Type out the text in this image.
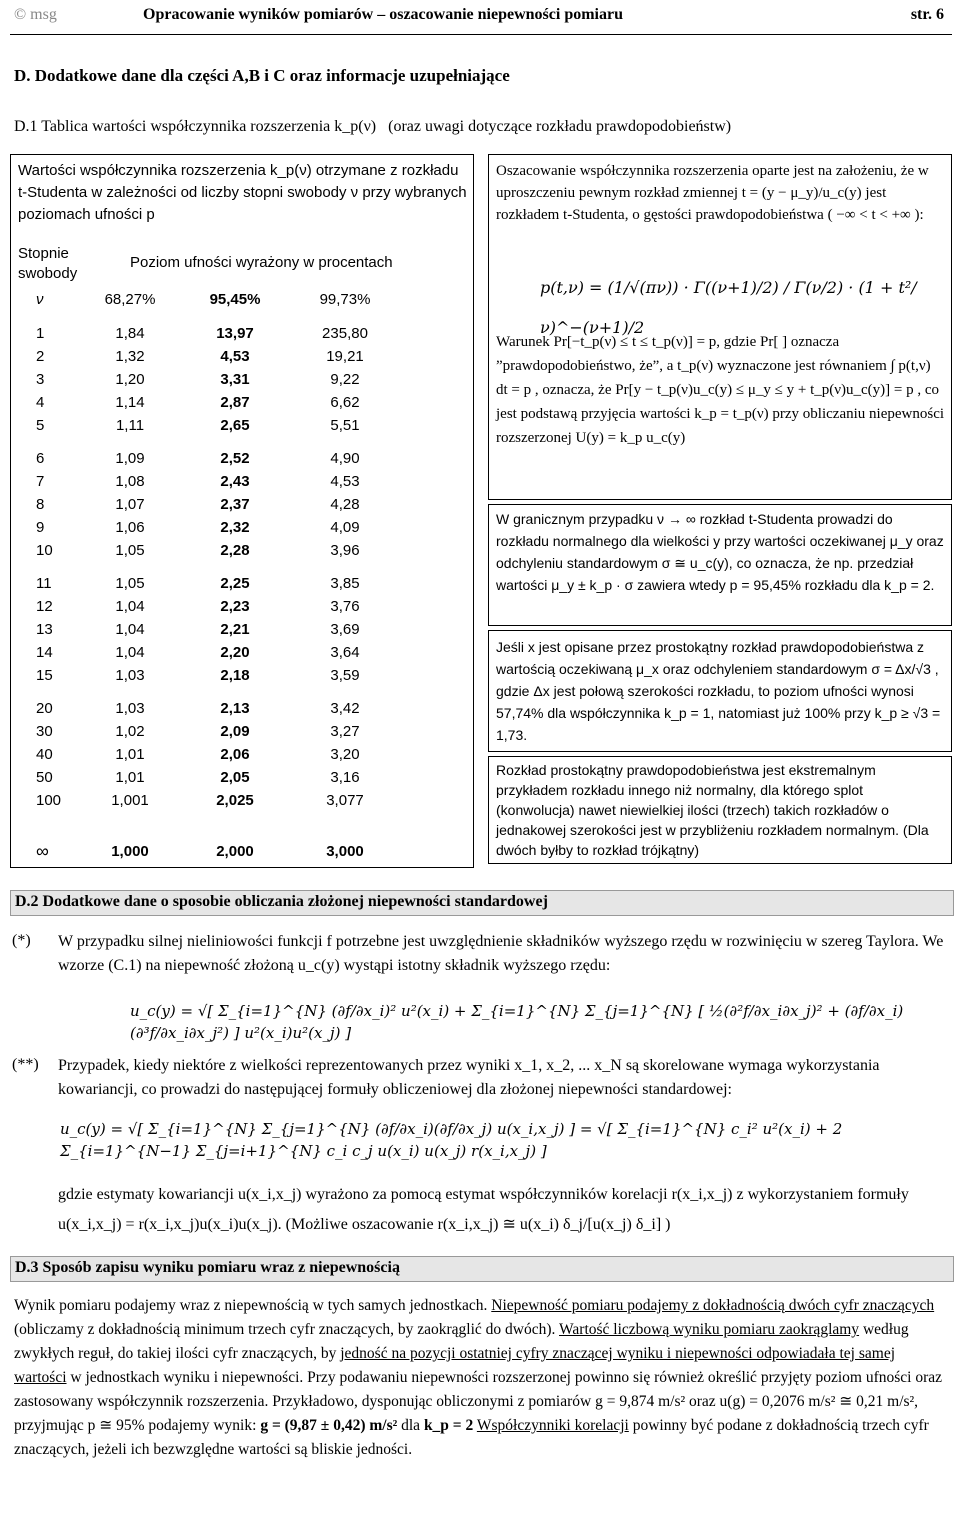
© msg	Opracowanie wyników pomiarów – oszacowanie niepewności pomiaru	str. 6
D. Dodatkowe dane dla części A,B i C oraz informacje uzupełniające
D.1 Tablica wartości współczynnika rozszerzenia k_p(ν) (oraz uwagi dotyczące rozkładu prawdopodobieństw)
Wartości współczynnika rozszerzenia k_p(ν) otrzymane z rozkładu t-Studenta w zależności od liczby stopni swobody ν przy wybranych poziomach ufności p
Stopnie swobody
Poziom ufności wyrażony w procentach
ν	68,27%	95,45%	99,73%
1	1,84	13,97	235,80
2	1,32	4,53	19,21
3	1,20	3,31	9,22
4	1,14	2,87	6,62
5	1,11	2,65	5,51

6	1,09	2,52	4,90
7	1,08	2,43	4,53
8	1,07	2,37	4,28
9	1,06	2,32	4,09
10	1,05	2,28	3,96

11	1,05	2,25	3,85
12	1,04	2,23	3,76
13	1,04	2,21	3,69
14	1,04	2,20	3,64
15	1,03	2,18	3,59

20	1,03	2,13	3,42
30	1,02	2,09	3,27
40	1,01	2,06	3,20
50	1,01	2,05	3,16
100	1,001	2,025	3,077
∞	1,000	2,000	3,000
Oszacowanie współczynnika rozszerzenia oparte jest na założeniu, że w uproszczeniu pewnym rozkład zmiennej t = (y − μ_y)/u_c(y) jest rozkładem t-Studenta, o gęstości prawdopodobieństwa ( −∞ < t < +∞ ):
p(t,ν) = (1/√(πν)) · Γ((ν+1)/2) / Γ(ν/2) · (1 + t²/ν)^−(ν+1)/2
Warunek Pr[−t_p(ν) ≤ t ≤ t_p(ν)] = p, gdzie Pr[ ] oznacza ”prawdopodobieństwo, że”, a t_p(ν) wyznaczone jest równaniem ∫ p(t,ν) dt = p , oznacza, że Pr[y − t_p(ν)u_c(y) ≤ μ_y ≤ y + t_p(ν)u_c(y)] = p , co jest podstawą przyjęcia wartości k_p = t_p(ν) przy obliczaniu niepewności rozszerzonej U(y) = k_p u_c(y)
W granicznym przypadku ν → ∞ rozkład t-Studenta prowadzi do rozkładu normalnego dla wielkości y przy wartości oczekiwanej μ_y oraz odchyleniu standardowym σ ≅ u_c(y), co oznacza, że np. przedział wartości μ_y ± k_p · σ zawiera wtedy p = 95,45% rozkładu dla k_p = 2.
Jeśli x jest opisane przez prostokątny rozkład prawdopodobieństwa z wartością oczekiwaną μ_x oraz odchyleniem standardowym σ = Δx/√3 , gdzie Δx jest połową szerokości rozkładu, to poziom ufności wynosi 57,74% dla współczynnika k_p = 1, natomiast już 100% przy k_p ≥ √3 = 1,73.
Rozkład prostokątny prawdopodobieństwa jest ekstremalnym przykładem rozkładu innego niż normalny, dla którego splot (konwolucja) nawet niewielkiej ilości (trzech) takich rozkładów o jednakowej szerokości jest w przybliżeniu rozkładem normalnym. (Dla dwóch byłby to rozkład trójkątny)
D.2 Dodatkowe dane o sposobie obliczania złożonej niepewności standardowej
(*) W przypadku silnej nieliniowości funkcji f potrzebne jest uwzględnienie składników wyższego rzędu w rozwinięciu w szereg Taylora. We wzorze (C.1) na niepewność złożoną u_c(y) wystąpi istotny składnik wyższego rzędu:
u_c(y) = √[ Σ_{i=1}^{N} (∂f/∂x_i)² u²(x_i) + Σ_{i=1}^{N} Σ_{j=1}^{N} [ ½(∂²f/∂x_i∂x_j)² + (∂f/∂x_i)(∂³f/∂x_i∂x_j²) ] u²(x_i)u²(x_j) ]
(**) Przypadek, kiedy niektóre z wielkości reprezentowanych przez wyniki x_1, x_2, ... x_N są skorelowane wymaga wykorzystania kowariancji, co prowadzi do następującej formuły obliczeniowej dla złożonej niepewności standardowej:
u_c(y) = √[ Σ_{i=1}^{N} Σ_{j=1}^{N} (∂f/∂x_i)(∂f/∂x_j) u(x_i,x_j) ] = √[ Σ_{i=1}^{N} c_i² u²(x_i) + 2 Σ_{i=1}^{N−1} Σ_{j=i+1}^{N} c_i c_j u(x_i) u(x_j) r(x_i,x_j) ]
gdzie estymaty kowariancji u(x_i,x_j) wyrażono za pomocą estymat współczynników korelacji r(x_i,x_j) z wykorzystaniem formuły u(x_i,x_j) = r(x_i,x_j)u(x_i)u(x_j). (Możliwe oszacowanie r(x_i,x_j) ≅ u(x_i) δ_j/[u(x_j) δ_i] )
D.3 Sposób zapisu wyniku pomiaru wraz z niepewnością
Wynik pomiaru podajemy wraz z niepewnością w tych samych jednostkach. Niepewność pomiaru podajemy z dokładnością dwóch cyfr znaczących (obliczamy z dokładnością minimum trzech cyfr znaczących, by zaokrąglić do dwóch). Wartość liczbową wyniku pomiaru zaokrąglamy według zwykłych reguł, do takiej ilości cyfr znaczących, by jedność na pozycji ostatniej cyfry znaczącej wyniku i niepewności odpowiadała tej samej wartości w jednostkach wyniku i niepewności. Przy podawaniu niepewności rozszerzonej powinno się również określić przyjęty poziom ufności oraz zastosowany współczynnik rozszerzenia. Przykładowo, dysponując obliczonymi z pomiarów g = 9,874 m/s² oraz u(g) = 0,2076 m/s² ≅ 0,21 m/s², przyjmując p ≅ 95% podajemy wynik: g = (9,87 ± 0,42) m/s² dla k_p = 2 Współczynniki korelacji powinny być podane z dokładnością trzech cyfr znaczących, jeżeli ich bezwzględne wartości są bliskie jedności.
